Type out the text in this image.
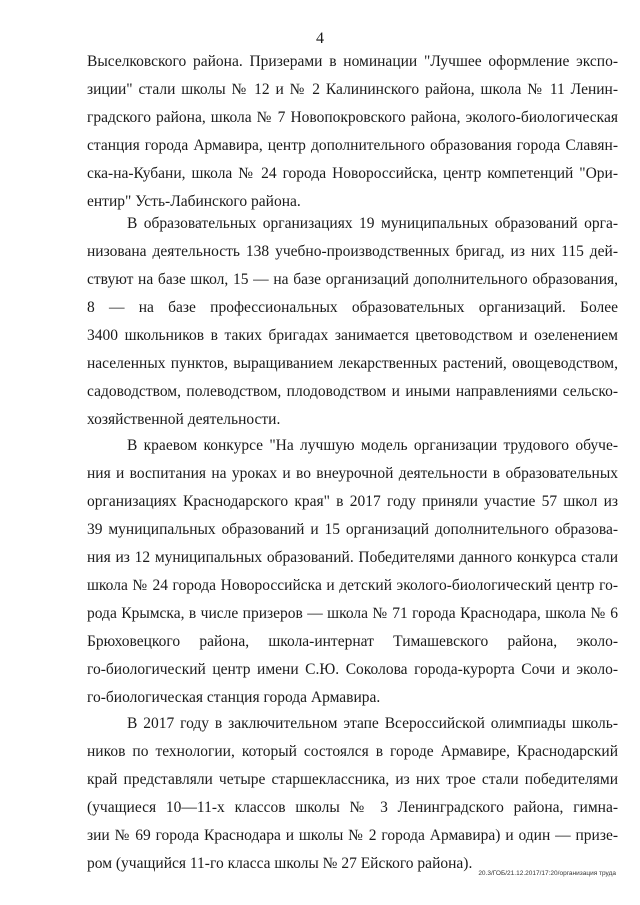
4
Выселковского района. Призерами в номинации "Лучшее оформление экспо-
зиции" стали школы № 12 и № 2 Калининского района, школа № 11 Ленин-
градского района, школа № 7 Новопокровского района, эколого-биологическая
станция города Армавира, центр дополнительного образования города Славян-
ска-на-Кубани, школа № 24 города Новороссийска, центр компетенций "Ори-
ентир" Усть-Лабинского района.
В образовательных организациях 19 муниципальных образований орга-
низована деятельность 138 учебно-производственных бригад, из них 115 дей-
ствуют на базе школ, 15 — на базе организаций дополнительного образования,
8 — на базе профессиональных образовательных организаций. Более
3400 школьников в таких бригадах занимается цветоводством и озеленением
населенных пунктов, выращиванием лекарственных растений, овощеводством,
садоводством, полеводством, плодоводством и иными направлениями сельско-
хозяйственной деятельности.
В краевом конкурсе "На лучшую модель организации трудового обуче-
ния и воспитания на уроках и во внеурочной деятельности в образовательных
организациях Краснодарского края" в 2017 году приняли участие 57 школ из
39 муниципальных образований и 15 организаций дополнительного образова-
ния из 12 муниципальных образований. Победителями данного конкурса стали
школа № 24 города Новороссийска и детский эколого-биологический центр го-
рода Крымска, в числе призеров — школа № 71 города Краснодара, школа № 6
Брюховецкого района, школа-интернат Тимашевского района, эколо-
го-биологический центр имени С.Ю. Соколова города-курорта Сочи и эколо-
го-биологическая станция города Армавира.
В 2017 году в заключительном этапе Всероссийской олимпиады школь-
ников по технологии, который состоялся в городе Армавире, Краснодарский
край представляли четыре старшеклассника, из них трое стали победителями
(учащиеся 10—11-х классов школы № 3 Ленинградского района, гимна-
зии № 69 города Краснодара и школы № 2 города Армавира) и один — призе-
ром (учащийся 11-го класса школы № 27 Ейского района).
20.3/ГОБ/21.12.2017/17:20/организация труда
